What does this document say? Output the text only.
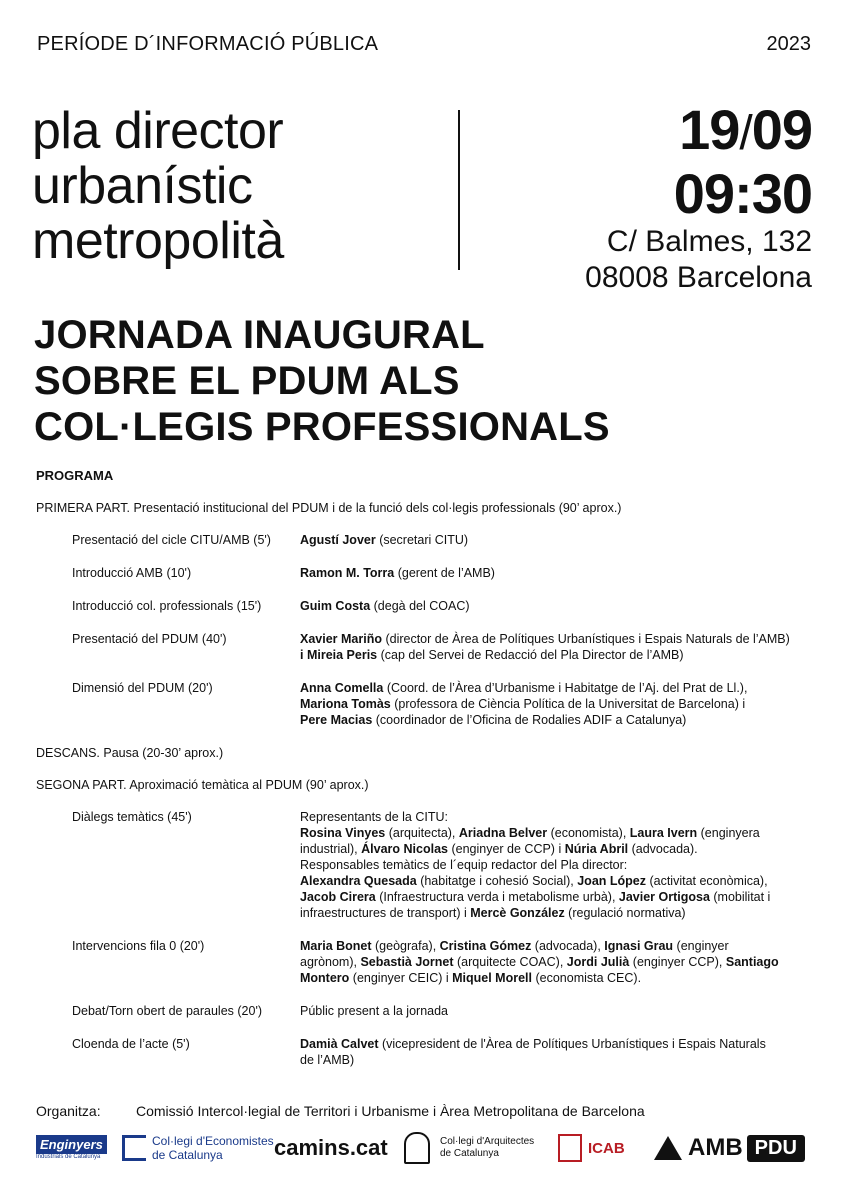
PERÍODE D´INFORMACIÓ PÚBLICA	2023
pla director
urbanístic
metropolità
19/09
09:30
C/ Balmes, 132
08008 Barcelona
JORNADA INAUGURAL
SOBRE EL PDUM ALS
COL·LEGIS PROFESSIONALS
PROGRAMA
PRIMERA PART. Presentació institucional del PDUM i de la funció dels col·legis professionals (90’ aprox.)
Presentació del cicle CITU/AMB (5')	Agustí Jover (secretari CITU)
Introducció AMB (10')	Ramon M. Torra (gerent de l’AMB)
Introducció col. professionals (15')	Guim Costa (degà del COAC)
Presentació del PDUM (40')	Xavier Mariño (director de Àrea de Polítiques Urbanístiques i Espais Naturals de l’AMB)
i Mireia Peris (cap del Servei de Redacció del Pla Director de l’AMB)
Dimensió del PDUM (20')	Anna Comella (Coord. de l’Àrea d’Urbanisme i Habitatge de l’Aj. del Prat de Ll.),
Mariona Tomàs (professora de Ciència Política de la Universitat de Barcelona) i
Pere Macias (coordinador de l’Oficina de Rodalies ADIF a Catalunya)
DESCANS. Pausa (20-30’ aprox.)
SEGONA PART. Aproximació temàtica al PDUM (90’ aprox.)
Diàlegs temàtics (45')	Representants de la CITU:
Rosina Vinyes (arquitecta), Ariadna Belver (economista), Laura Ivern (enginyera
industrial), Álvaro Nicolas (enginyer de CCP) i Núria Abril (advocada).
Responsables temàtics de l´equip redactor del Pla director:
Alexandra Quesada (habitatge i cohesió Social), Joan López (activitat econòmica),
Jacob Cirera (Infraestructura verda i metabolisme urbà), Javier Ortigosa (mobilitat i
infraestructures de transport) i Mercè González (regulació normativa)
Intervencions fila 0 (20')	Maria Bonet (geògrafa), Cristina Gómez (advocada), Ignasi Grau (enginyer
agrònom), Sebastià Jornet (arquitecte COAC), Jordi Julià (enginyer CCP), Santiago
Montero (enginyer CEIC) i Miquel Morell (economista CEC).
Debat/Torn obert de paraules (20')	Públic present a la jornada
Cloenda de l’acte (5')	Damià Calvet (vicepresident de l'Àrea de Polítiques Urbanístiques i Espais Naturals
de l’AMB)
Organitza:	Comissió Intercol·legial de Territori i Urbanisme i Àrea Metropolitana de Barcelona
Enginyers
Industrials de Catalunya
Col·legi d'Economistes
de Catalunya	camins.cat	Col·legi d'Arquitectes
de Catalunya	ICAB	AMB PDU
